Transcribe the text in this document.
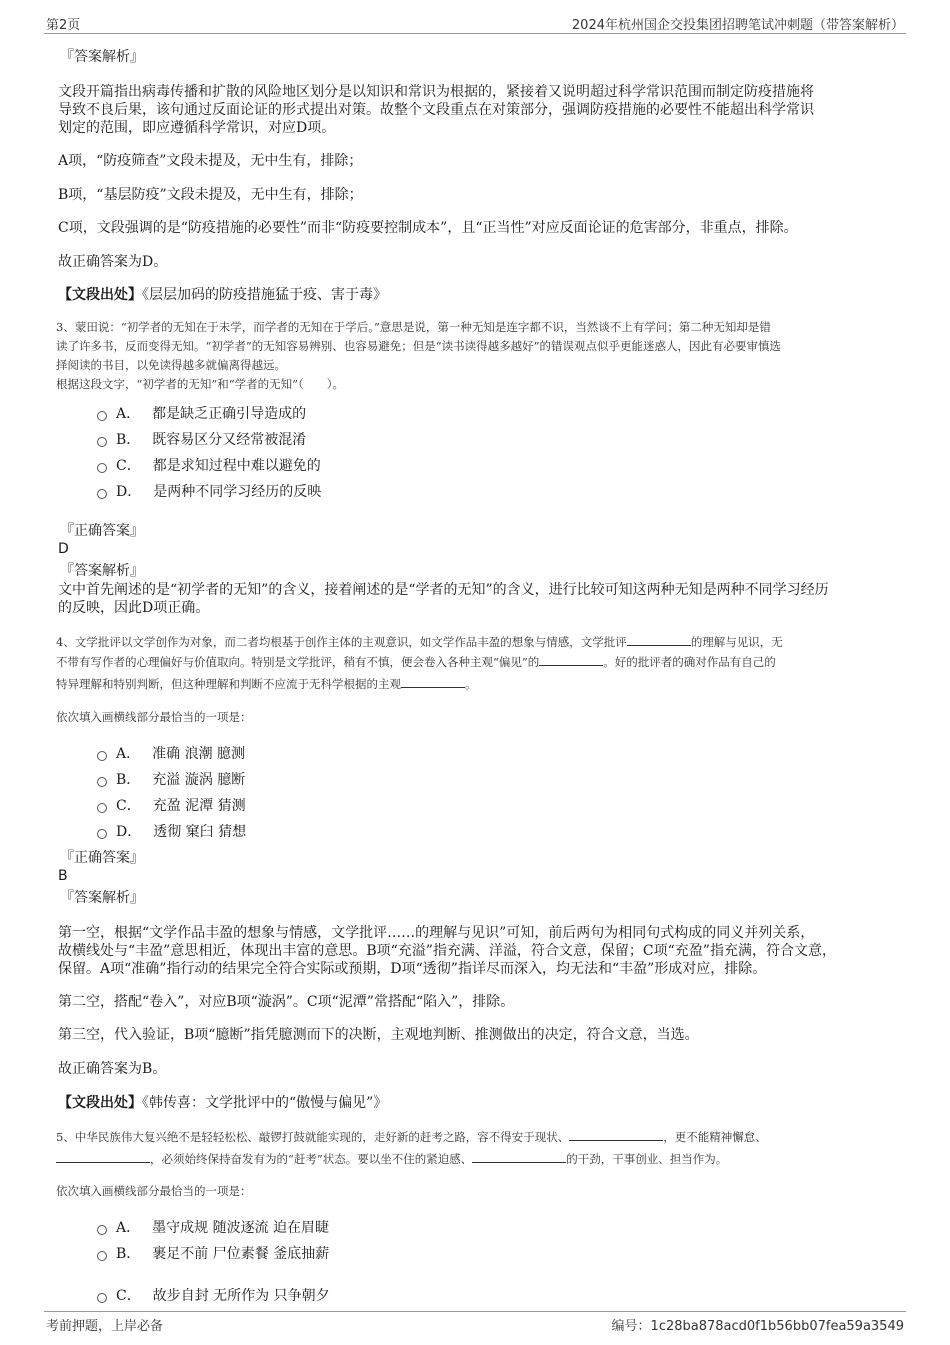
第2页	2024年杭州国企交投集团招聘笔试冲刺题（带答案解析）
『答案解析』
文段开篇指出病毒传播和扩散的风险地区划分是以知识和常识为根据的，紧接着又说明超过科学常识范围而制定防疫措施将
导致不良后果，该句通过反面论证的形式提出对策。故整个文段重点在对策部分，强调防疫措施的必要性不能超出科学常识
划定的范围，即应遵循科学常识，对应D项。
A项，“防疫筛查”文段未提及，无中生有，排除；
B项，“基层防疫”文段未提及，无中生有，排除；
C项，文段强调的是“防疫措施的必要性”而非“防疫要控制成本”，且“正当性”对应反面论证的危害部分，非重点，排除。
故正确答案为D。
【文段出处】《层层加码的防疫措施猛于疫、害于毒》
3、蒙田说：“初学者的无知在于未学，而学者的无知在于学后。”意思是说，第一种无知是连字都不识，当然谈不上有学问；第二种无知却是错
读了许多书，反而变得无知。“初学者”的无知容易辨别、也容易避免；但是“读书读得越多越好”的错误观点似乎更能迷惑人，因此有必要审慎选
择阅读的书目，以免读得越多就偏离得越远。
根据这段文字，“初学者的无知”和“学者的无知”（　　）。
A． 都是缺乏正确引导造成的
B． 既容易区分又经常被混淆
C． 都是求知过程中难以避免的
D． 是两种不同学习经历的反映
『正确答案』
D
『答案解析』
文中首先阐述的是“初学者的无知”的含义，接着阐述的是“学者的无知”的含义，进行比较可知这两种无知是两种不同学习经历
的反映，因此D项正确。
4、文学批评以文学创作为对象，而二者均根基于创作主体的主观意识，如文学作品丰盈的想象与情感，文学批评	的理解与见识，无
不带有写作者的心理偏好与价值取向。特别是文学批评，稍有不慎，便会卷入各种主观“偏见”的	。好的批评者的确对作品有自己的
特异理解和特别判断，但这种理解和判断不应流于无科学根据的主观	。
依次填入画横线部分最恰当的一项是：
A． 准确 浪潮 臆测
B． 充溢 漩涡 臆断
C． 充盈 泥潭 猜测
D． 透彻 窠臼 猜想
『正确答案』
B
『答案解析』
第一空，根据“文学作品丰盈的想象与情感，文学批评……的理解与见识”可知，前后两句为相同句式构成的同义并列关系，
故横线处与“丰盈”意思相近，体现出丰富的意思。B项“充溢”指充满、洋溢，符合文意，保留；C项“充盈”指充满，符合文意，
保留。A项“准确”指行动的结果完全符合实际或预期，D项“透彻”指详尽而深入，均无法和“丰盈”形成对应，排除。
第二空，搭配“卷入”，对应B项“漩涡”。C项“泥潭”常搭配“陷入”，排除。
第三空，代入验证，B项“臆断”指凭臆测而下的决断，主观地判断、推测做出的决定，符合文意，当选。
故正确答案为B。
【文段出处】《韩传喜：文学批评中的“傲慢与偏见”》
5、中华民族伟大复兴绝不是轻轻松松、敲锣打鼓就能实现的，走好新的赶考之路，容不得安于现状、	，更不能精神懈怠、
，必须始终保持奋发有为的“赶考”状态。要以坐不住的紧迫感、	的干劲，干事创业、担当作为。
依次填入画横线部分最恰当的一项是：
A． 墨守成规 随波逐流 迫在眉睫
B． 裹足不前 尸位素餐 釜底抽薪
C． 故步自封 无所作为 只争朝夕
考前押题，上岸必备	编号：1c28ba878acd0f1b56bb07fea59a3549
